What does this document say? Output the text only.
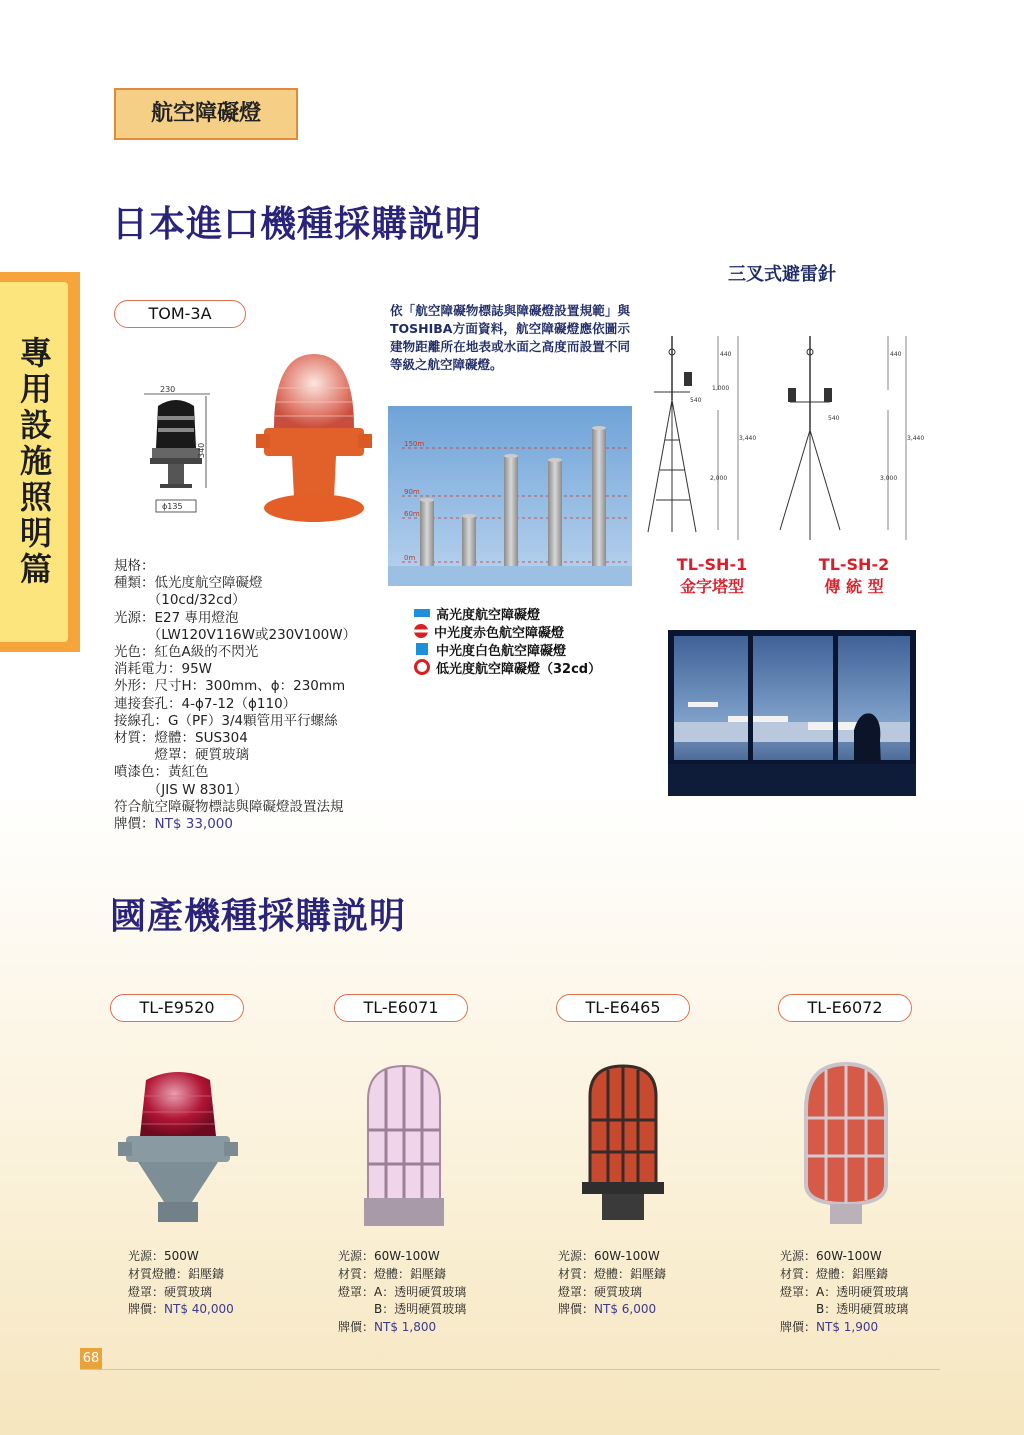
航空障礙燈
專用設施照明篇
日本進口機種採購説明
TOM-3A
230
340
ϕ135
規格：
種類：低光度航空障礙燈
　　　（10cd/32cd）
光源：E27 專用燈泡
　　　（LW120V116W或230V100W）
光色：紅色A級的不閃光
消耗電力：95W
外形：尺寸H：300mm、ϕ：230mm
連接套孔：4-ϕ7-12（ϕ110）
接線孔：G（PF）3/4顆管用平行螺絲
材質：燈體：SUS304
　　　燈罩：硬質玻璃
噴漆色：黃紅色
　　　（JIS W 8301）
符合航空障礙物標誌與障礙燈設置法規
牌價：NT$ 33,000
依「航空障礙物標誌與障礙燈設置規範」與TOSHIBA方面資料，航空障礙燈應依圖示建物距離所在地表或水面之高度而設置不同等級之航空障礙燈。
150m
90m
60m
0m
高光度航空障礙燈
中光度赤色航空障礙燈
中光度白色航空障礙燈
低光度航空障礙燈（32cd）
三叉式避雷針
440
1,000
540
3,440
2,000
440
540
3,000
3,440
TL-SH-1
金字塔型
TL-SH-2
傳 統 型
國產機種採購説明
TL-E9520	TL-E6071	TL-E6465	TL-E6072
光源：500W
材質燈體：鋁壓鑄
燈罩：硬質玻璃
牌價：NT$ 40,000
光源：60W-100W
材質：燈體：鋁壓鑄
燈罩：A：透明硬質玻璃
　　　B：透明硬質玻璃
牌價：NT$ 1,800
光源：60W-100W
材質：燈體：鋁壓鑄
燈罩：硬質玻璃
牌價：NT$ 6,000
光源：60W-100W
材質：燈體：鋁壓鑄
燈罩：A：透明硬質玻璃
　　　B：透明硬質玻璃
牌價：NT$ 1,900
68
